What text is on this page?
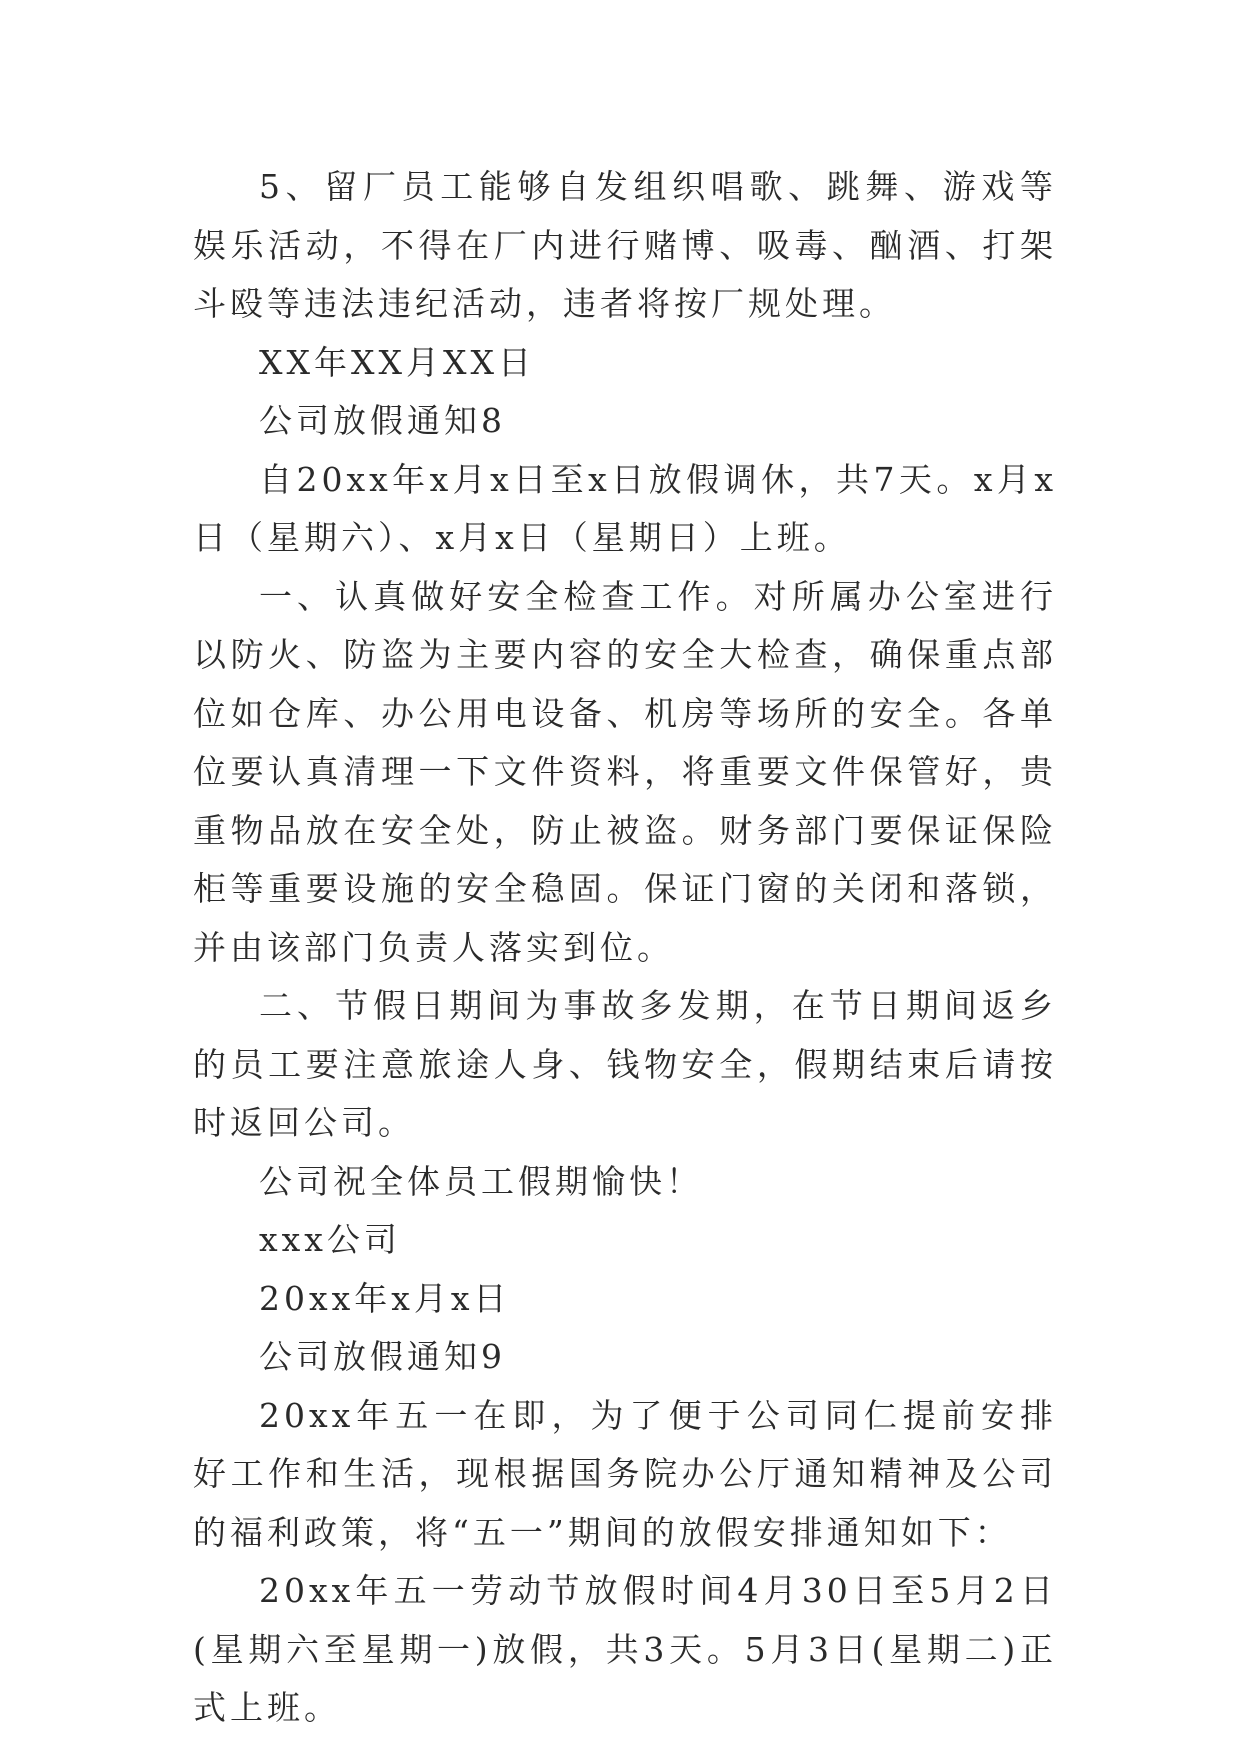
5、留厂员工能够自发组织唱歌、跳舞、游戏等娱乐活动，不得在厂内进行赌博、吸毒、酗酒、打架斗殴等违法违纪活动，违者将按厂规处理。

XX年XX月XX日

公司放假通知8

自20xx年x月x日至x日放假调休，共7天。x月x日（星期六）、x月x日（星期日）上班。

一、认真做好安全检查工作。对所属办公室进行以防火、防盗为主要内容的安全大检查，确保重点部位如仓库、办公用电设备、机房等场所的安全。各单位要认真清理一下文件资料，将重要文件保管好，贵重物品放在安全处，防止被盗。财务部门要保证保险柜等重要设施的安全稳固。保证门窗的关闭和落锁，并由该部门负责人落实到位。

二、节假日期间为事故多发期，在节日期间返乡的员工要注意旅途人身、钱物安全，假期结束后请按时返回公司。

公司祝全体员工假期愉快！

xxx公司

20xx年x月x日

公司放假通知9

20xx年五一在即，为了便于公司同仁提前安排好工作和生活，现根据国务院办公厅通知精神及公司的福利政策，将“五一”期间的放假安排通知如下：

20xx年五一劳动节放假时间4月30日至5月2日(星期六至星期一)放假，共3天。5月3日(星期二)正式上班。
